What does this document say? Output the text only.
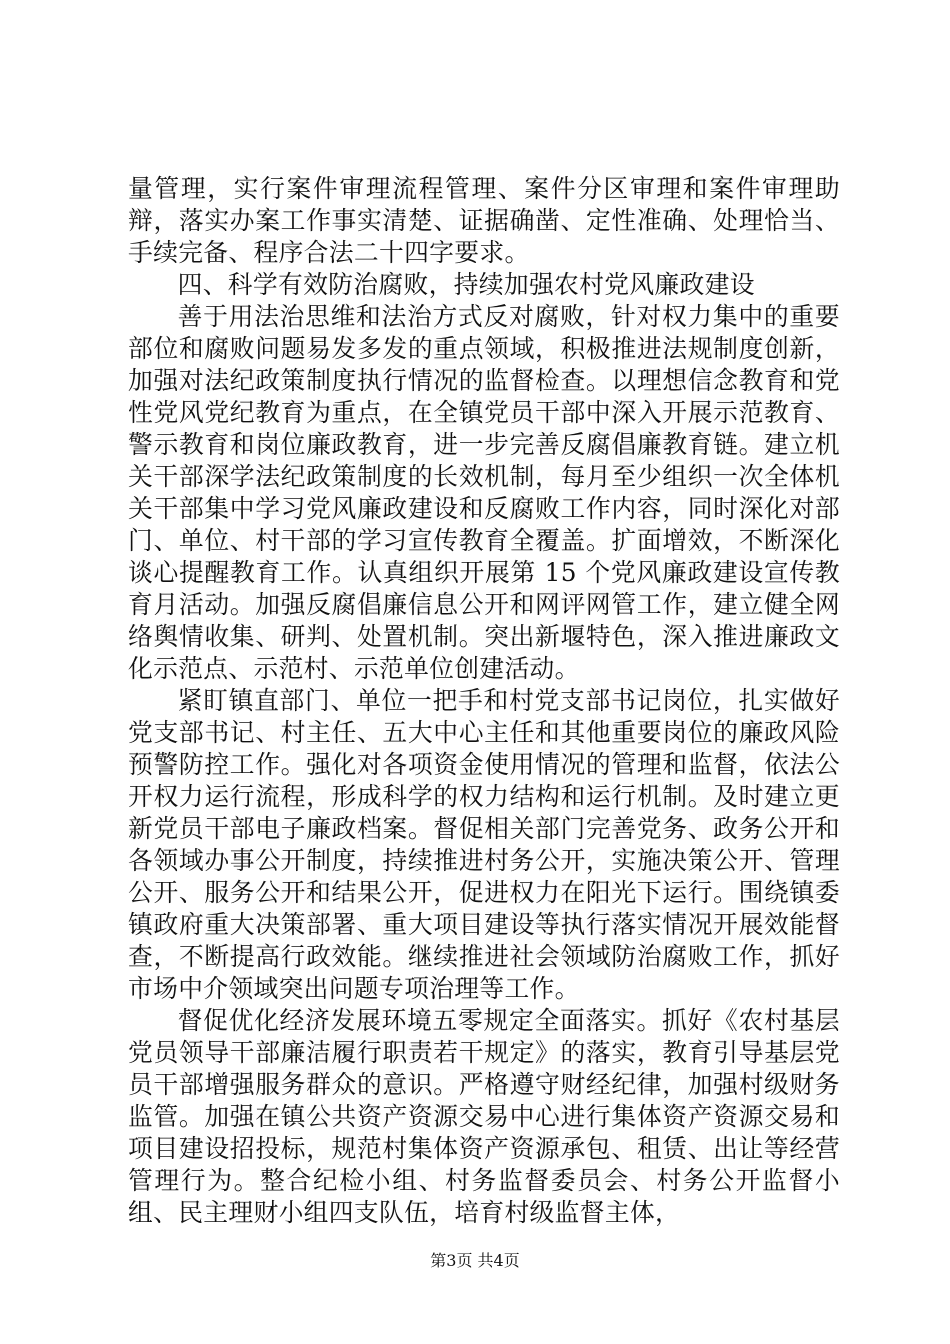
量管理，实行案件审理流程管理、案件分区审理和案件审理助辩，落实办案工作事实清楚、证据确凿、定性准确、处理恰当、手续完备、程序合法二十四字要求。

四、科学有效防治腐败，持续加强农村党风廉政建设

善于用法治思维和法治方式反对腐败，针对权力集中的重要部位和腐败问题易发多发的重点领域，积极推进法规制度创新，加强对法纪政策制度执行情况的监督检查。以理想信念教育和党性党风党纪教育为重点，在全镇党员干部中深入开展示范教育、警示教育和岗位廉政教育，进一步完善反腐倡廉教育链。建立机关干部深学法纪政策制度的长效机制，每月至少组织一次全体机关干部集中学习党风廉政建设和反腐败工作内容，同时深化对部门、单位、村干部的学习宣传教育全覆盖。扩面增效，不断深化谈心提醒教育工作。认真组织开展第 15 个党风廉政建设宣传教育月活动。加强反腐倡廉信息公开和网评网管工作，建立健全网络舆情收集、研判、处置机制。突出新堰特色，深入推进廉政文化示范点、示范村、示范单位创建活动。

紧盯镇直部门、单位一把手和村党支部书记岗位，扎实做好党支部书记、村主任、五大中心主任和其他重要岗位的廉政风险预警防控工作。强化对各项资金使用情况的管理和监督，依法公开权力运行流程，形成科学的权力结构和运行机制。及时建立更新党员干部电子廉政档案。督促相关部门完善党务、政务公开和各领域办事公开制度，持续推进村务公开，实施决策公开、管理公开、服务公开和结果公开，促进权力在阳光下运行。围绕镇委镇政府重大决策部署、重大项目建设等执行落实情况开展效能督查，不断提高行政效能。继续推进社会领域防治腐败工作，抓好市场中介领域突出问题专项治理等工作。

督促优化经济发展环境五零规定全面落实。抓好《农村基层党员领导干部廉洁履行职责若干规定》的落实，教育引导基层党员干部增强服务群众的意识。严格遵守财经纪律，加强村级财务监管。加强在镇公共资产资源交易中心进行集体资产资源交易和项目建设招投标，规范村集体资产资源承包、租赁、出让等经营管理行为。整合纪检小组、村务监督委员会、村务公开监督小组、民主理财小组四支队伍，培育村级监督主体，

第3页 共4页
